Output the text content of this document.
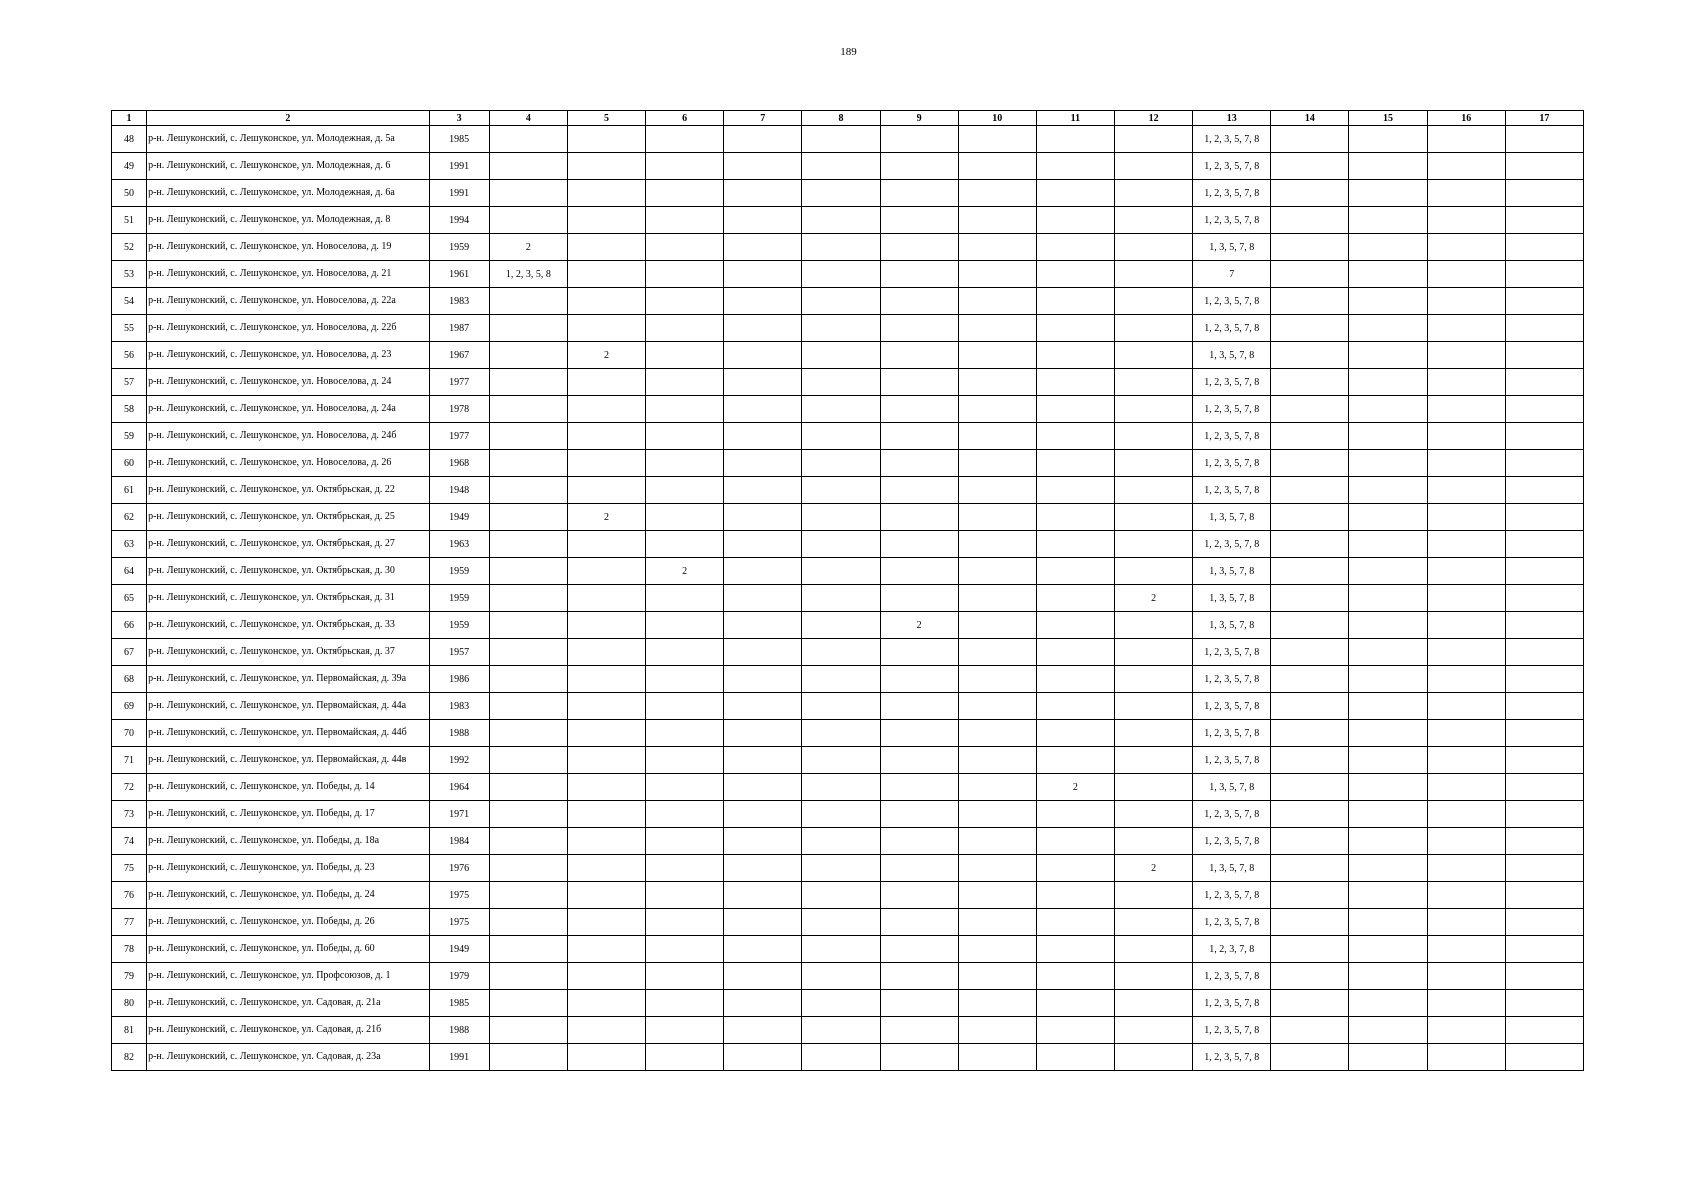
189
1	2	3	4	5	6	7	8	9	10	11	12	13	14	15	16	17
48	р-н. Лешуконский, с. Лешуконское, ул. Молодежная, д. 5а	1985										1, 2, 3, 5, 7, 8				
49	р-н. Лешуконский, с. Лешуконское, ул. Молодежная, д. 6	1991										1, 2, 3, 5, 7, 8				
50	р-н. Лешуконский, с. Лешуконское, ул. Молодежная, д. 6а	1991										1, 2, 3, 5, 7, 8				
51	р-н. Лешуконский, с. Лешуконское, ул. Молодежная, д. 8	1994										1, 2, 3, 5, 7, 8				
52	р-н. Лешуконский, с. Лешуконское, ул. Новоселова, д. 19	1959	2									1, 3, 5, 7, 8				
53	р-н. Лешуконский, с. Лешуконское, ул. Новоселова, д. 21	1961	1, 2, 3, 5, 8									7				
54	р-н. Лешуконский, с. Лешуконское, ул. Новоселова, д. 22а	1983										1, 2, 3, 5, 7, 8				
55	р-н. Лешуконский, с. Лешуконское, ул. Новоселова, д. 22б	1987										1, 2, 3, 5, 7, 8				
56	р-н. Лешуконский, с. Лешуконское, ул. Новоселова, д. 23	1967		2								1, 3, 5, 7, 8				
57	р-н. Лешуконский, с. Лешуконское, ул. Новоселова, д. 24	1977										1, 2, 3, 5, 7, 8				
58	р-н. Лешуконский, с. Лешуконское, ул. Новоселова, д. 24а	1978										1, 2, 3, 5, 7, 8				
59	р-н. Лешуконский, с. Лешуконское, ул. Новоселова, д. 24б	1977										1, 2, 3, 5, 7, 8				
60	р-н. Лешуконский, с. Лешуконское, ул. Новоселова, д. 26	1968										1, 2, 3, 5, 7, 8				
61	р-н. Лешуконский, с. Лешуконское, ул. Октябрьская, д. 22	1948										1, 2, 3, 5, 7, 8				
62	р-н. Лешуконский, с. Лешуконское, ул. Октябрьская, д. 25	1949		2								1, 3, 5, 7, 8				
63	р-н. Лешуконский, с. Лешуконское, ул. Октябрьская, д. 27	1963										1, 2, 3, 5, 7, 8				
64	р-н. Лешуконский, с. Лешуконское, ул. Октябрьская, д. 30	1959			2							1, 3, 5, 7, 8				
65	р-н. Лешуконский, с. Лешуконское, ул. Октябрьская, д. 31	1959									2	1, 3, 5, 7, 8				
66	р-н. Лешуконский, с. Лешуконское, ул. Октябрьская, д. 33	1959						2				1, 3, 5, 7, 8				
67	р-н. Лешуконский, с. Лешуконское, ул. Октябрьская, д. 37	1957										1, 2, 3, 5, 7, 8				
68	р-н. Лешуконский, с. Лешуконское, ул. Первомайская, д. 39а	1986										1, 2, 3, 5, 7, 8				
69	р-н. Лешуконский, с. Лешуконское, ул. Первомайская, д. 44а	1983										1, 2, 3, 5, 7, 8				
70	р-н. Лешуконский, с. Лешуконское, ул. Первомайская, д. 44б	1988										1, 2, 3, 5, 7, 8				
71	р-н. Лешуконский, с. Лешуконское, ул. Первомайская, д. 44в	1992										1, 2, 3, 5, 7, 8				
72	р-н. Лешуконский, с. Лешуконское, ул. Победы, д. 14	1964								2		1, 3, 5, 7, 8				
73	р-н. Лешуконский, с. Лешуконское, ул. Победы, д. 17	1971										1, 2, 3, 5, 7, 8				
74	р-н. Лешуконский, с. Лешуконское, ул. Победы, д. 18а	1984										1, 2, 3, 5, 7, 8				
75	р-н. Лешуконский, с. Лешуконское, ул. Победы, д. 23	1976									2	1, 3, 5, 7, 8				
76	р-н. Лешуконский, с. Лешуконское, ул. Победы, д. 24	1975										1, 2, 3, 5, 7, 8				
77	р-н. Лешуконский, с. Лешуконское, ул. Победы, д. 26	1975										1, 2, 3, 5, 7, 8				
78	р-н. Лешуконский, с. Лешуконское, ул. Победы, д. 60	1949										1, 2, 3, 7, 8				
79	р-н. Лешуконский, с. Лешуконское, ул. Профсоюзов, д. 1	1979										1, 2, 3, 5, 7, 8				
80	р-н. Лешуконский, с. Лешуконское, ул. Садовая, д. 21а	1985										1, 2, 3, 5, 7, 8				
81	р-н. Лешуконский, с. Лешуконское, ул. Садовая, д. 21б	1988										1, 2, 3, 5, 7, 8				
82	р-н. Лешуконский, с. Лешуконское, ул. Садовая, д. 23а	1991										1, 2, 3, 5, 7, 8				
